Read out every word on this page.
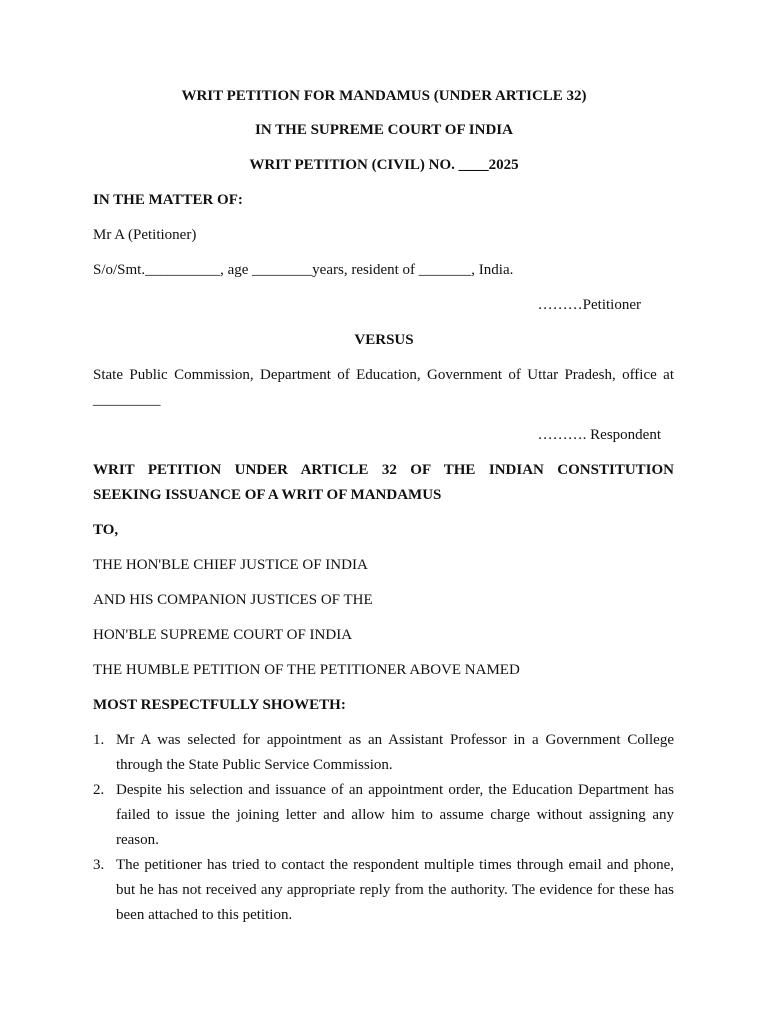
WRIT PETITION FOR MANDAMUS (UNDER ARTICLE 32)
IN THE SUPREME COURT OF INDIA
WRIT PETITION (CIVIL) NO. ____2025
IN THE MATTER OF:
Mr A (Petitioner)
S/o/Smt.__________, age ________years, resident of _______, India.
………Petitioner
VERSUS
State Public Commission, Department of Education, Government of Uttar Pradesh, office at
_________
………. Respondent
WRIT PETITION UNDER ARTICLE 32 OF THE INDIAN CONSTITUTION
SEEKING ISSUANCE OF A WRIT OF MANDAMUS
TO,
THE HON'BLE CHIEF JUSTICE OF INDIA
AND HIS COMPANION JUSTICES OF THE
HON'BLE SUPREME COURT OF INDIA
THE HUMBLE PETITION OF THE PETITIONER ABOVE NAMED
MOST RESPECTFULLY SHOWETH:
1. Mr A was selected for appointment as an Assistant Professor in a Government College through the State Public Service Commission.
2. Despite his selection and issuance of an appointment order, the Education Department has failed to issue the joining letter and allow him to assume charge without assigning any reason.
3. The petitioner has tried to contact the respondent multiple times through email and phone, but he has not received any appropriate reply from the authority. The evidence for these has been attached to this petition.
